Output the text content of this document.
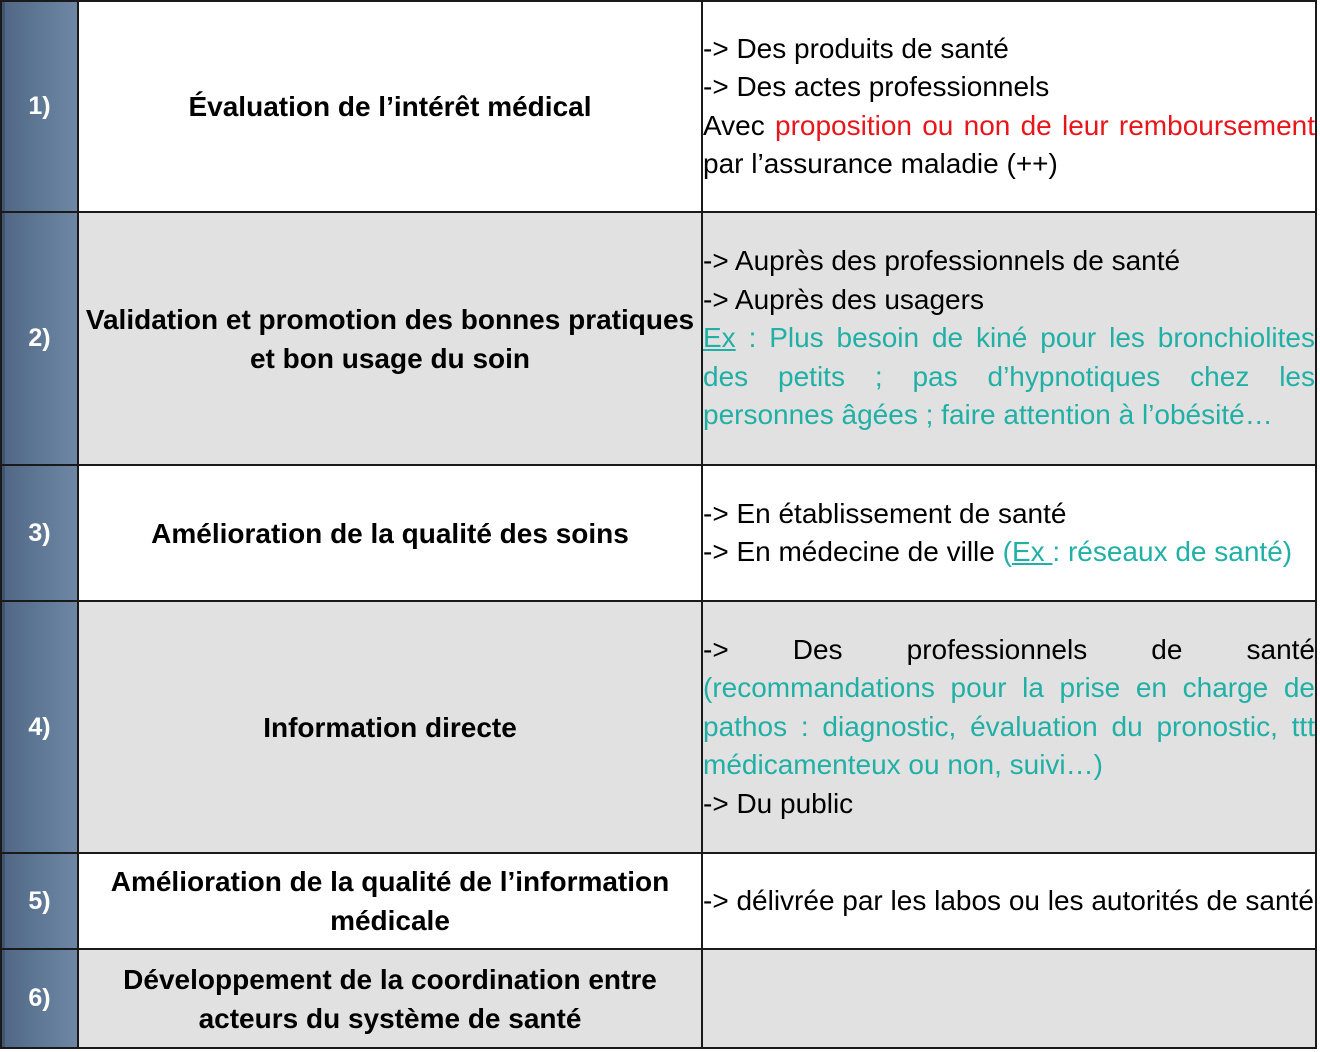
1)	Évaluation de l’intérêt médical	-> Des produits de santé
-> Des actes professionnels
Avec proposition ou non de leur remboursement par l’assurance maladie (++)

2)	Validation et promotion des bonnes pratiques et bon usage du soin	-> Auprès des professionnels de santé
-> Auprès des usagers
Ex : Plus besoin de kiné pour les bronchiolites des petits ; pas d’hypnotiques chez les personnes âgées ; faire attention à l’obésité…

3)	Amélioration de la qualité des soins	-> En établissement de santé
-> En médecine de ville (Ex : réseaux de santé)

4)	Information directe	-> Des professionnels de santé
(recommandations pour la prise en charge de pathos : diagnostic, évaluation du pronostic, ttt médicamenteux ou non, suivi…)
-> Du public

5)	Amélioration de la qualité de l’information médicale	-> délivrée par les labos ou les autorités de santé

6)	Développement de la coordination entre acteurs du système de santé	
